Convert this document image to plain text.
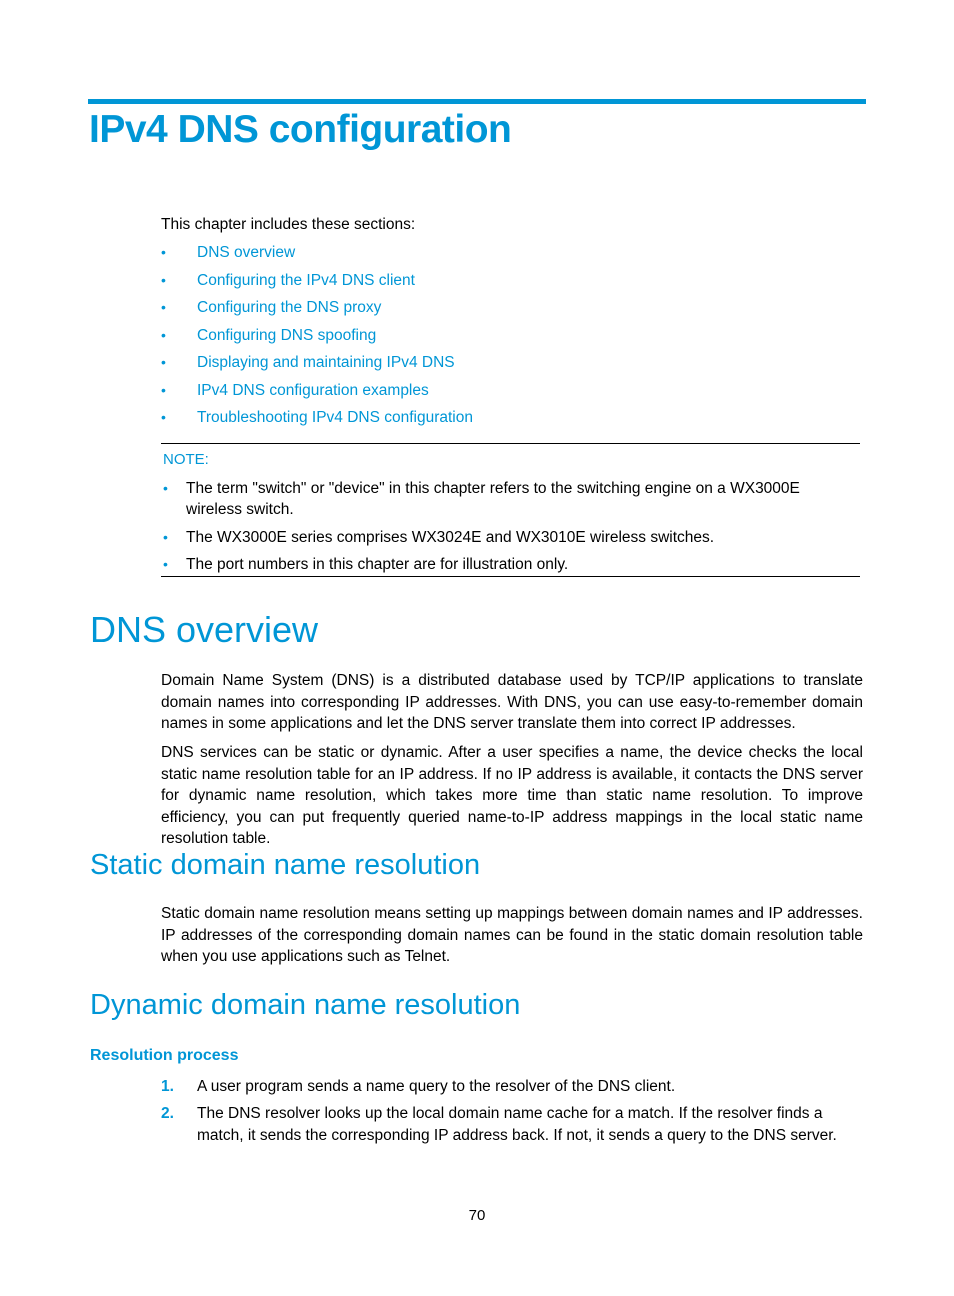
IPv4 DNS configuration
This chapter includes these sections:
• DNS overview
• Configuring the IPv4 DNS client
• Configuring the DNS proxy
• Configuring DNS spoofing
• Displaying and maintaining IPv4 DNS
• IPv4 DNS configuration examples
• Troubleshooting IPv4 DNS configuration
NOTE:
• The term "switch" or "device" in this chapter refers to the switching engine on a WX3000E wireless switch.
• The WX3000E series comprises WX3024E and WX3010E wireless switches.
• The port numbers in this chapter are for illustration only.
DNS overview

Domain Name System (DNS) is a distributed database used by TCP/IP applications to translate domain names into corresponding IP addresses. With DNS, you can use easy-to-remember domain names in some applications and let the DNS server translate them into correct IP addresses.

DNS services can be static or dynamic. After a user specifies a name, the device checks the local static name resolution table for an IP address. If no IP address is available, it contacts the DNS server for dynamic name resolution, which takes more time than static name resolution. To improve efficiency, you can put frequently queried name-to-IP address mappings in the local static name resolution table.

Static domain name resolution

Static domain name resolution means setting up mappings between domain names and IP addresses. IP addresses of the corresponding domain names can be found in the static domain resolution table when you use applications such as Telnet.

Dynamic domain name resolution
Resolution process
1. A user program sends a name query to the resolver of the DNS client.
2. The DNS resolver looks up the local domain name cache for a match. If the resolver finds a match, it sends the corresponding IP address back. If not, it sends a query to the DNS server.
70
